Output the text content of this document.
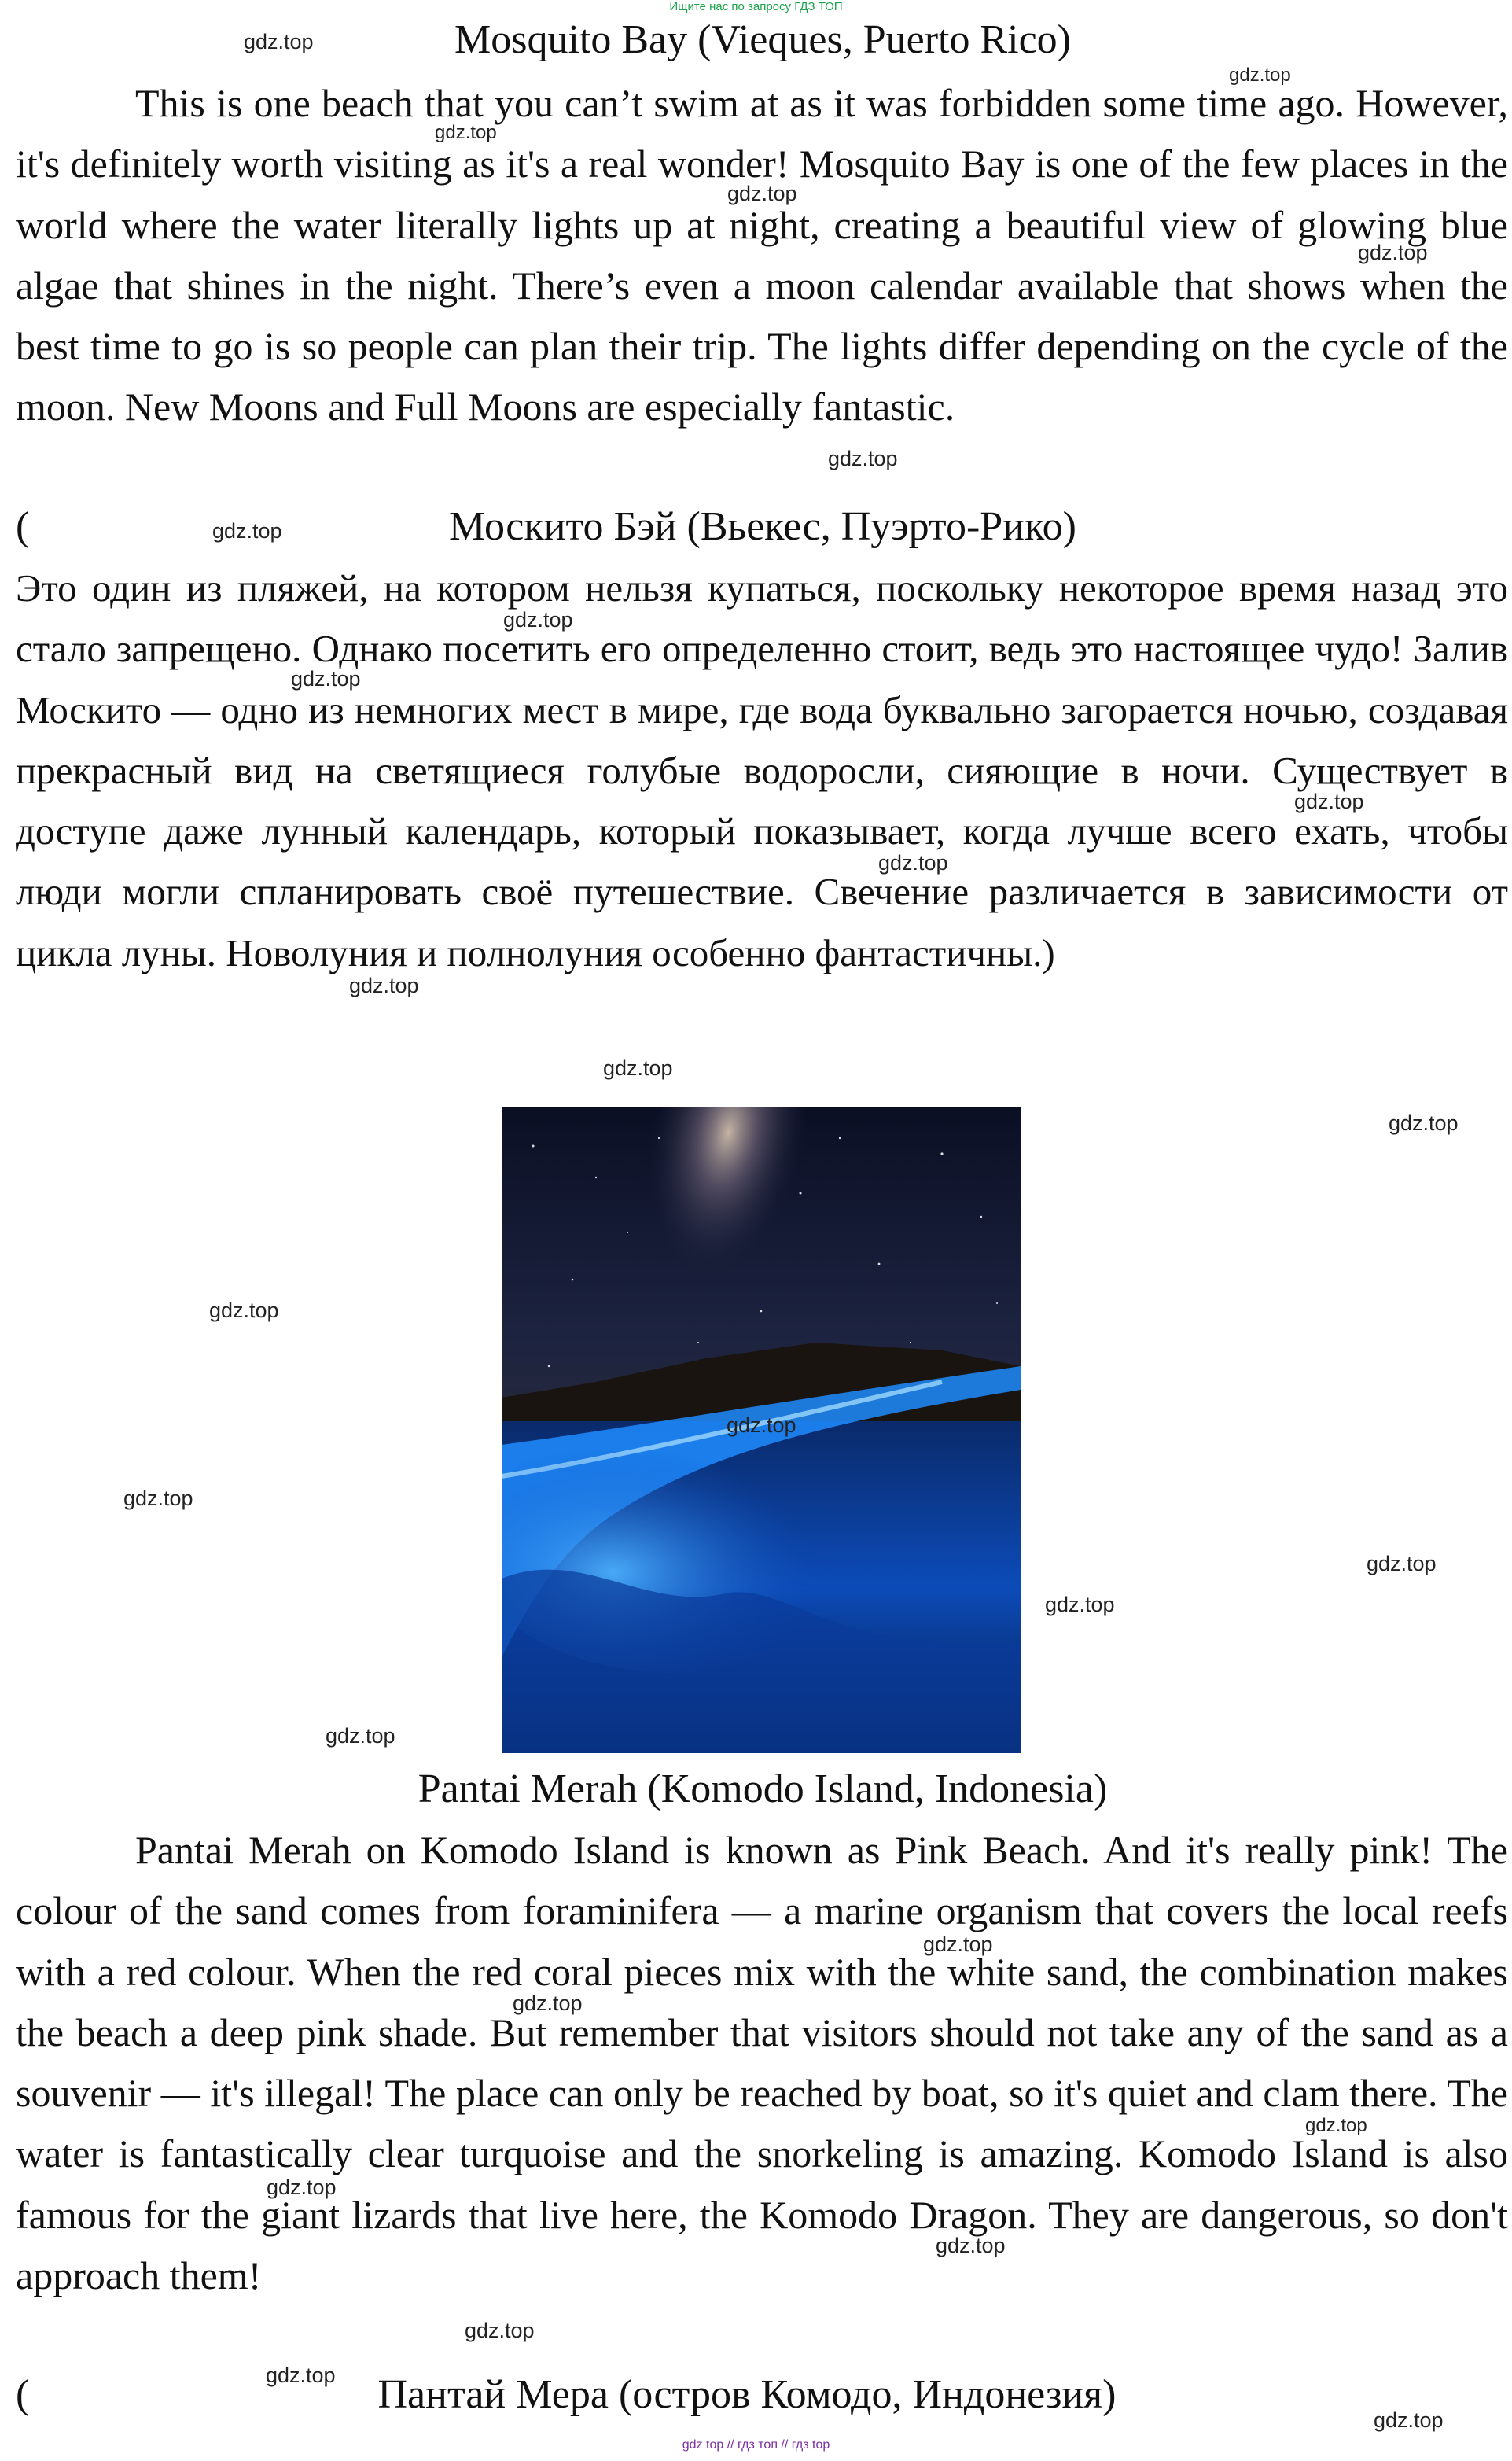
Ищите нас по запросу ГДЗ ТОП
Mosquito Bay (Vieques, Puerto Rico)

This is one beach that you can’t swim at as it was forbidden some time ago. However, it's definitely worth visiting as it's a real wonder! Mosquito Bay is one of the few places in the world where the water literally lights up at night, creating a beautiful view of glowing blue algae that shines in the night. There’s even a moon calendar available that shows when the best time to go is so people can plan their trip. The lights differ depending on the cycle of the moon. New Moons and Full Moons are especially fantastic.

(	Москито Бэй (Вьекес, Пуэрто-Рико)

Это один из пляжей, на котором нельзя купаться, поскольку некоторое время назад это стало запрещено. Однако посетить его определенно стоит, ведь это настоящее чудо! Залив Москито — одно из немногих мест в мире, где вода буквально загорается ночью, создавая прекрасный вид на светящиеся голубые водоросли, сияющие в ночи. Существует в доступе даже лунный календарь, который показывает, когда лучше всего ехать, чтобы люди могли спланировать своё путешествие. Свечение различается в зависимости от цикла луны. Новолуния и полнолуния особенно фантастичны.)

Pantai Merah (Komodo Island, Indonesia)

Pantai Merah on Komodo Island is known as Pink Beach. And it's really pink! The colour of the sand comes from foraminifera — a marine organism that covers the local reefs with a red colour. When the red coral pieces mix with the white sand, the combination makes the beach a deep pink shade. But remember that visitors should not take any of the sand as a souvenir — it's illegal! The place can only be reached by boat, so it's quiet and clam there. The water is fantastically clear turquoise and the snorkeling is amazing. Komodo Island is also famous for the giant lizards that live here, the Komodo Dragon. They are dangerous, so don't approach them!

(	Пантай Мера (остров Комодо, Индонезия)
gdz.top
gdz.top
gdz.top
gdz.top
gdz.top
gdz.top
gdz.top
gdz.top
gdz.top
gdz.top
gdz.top
gdz.top
gdz.top
gdz.top
gdz.top
gdz.top
gdz.top
gdz.top
gdz.top
gdz.top
gdz.top
gdz.top
gdz.top
gdz.top
gdz.top
gdz.top
gdz.top
gdz.top
gdz top // гдз топ // гдз top
